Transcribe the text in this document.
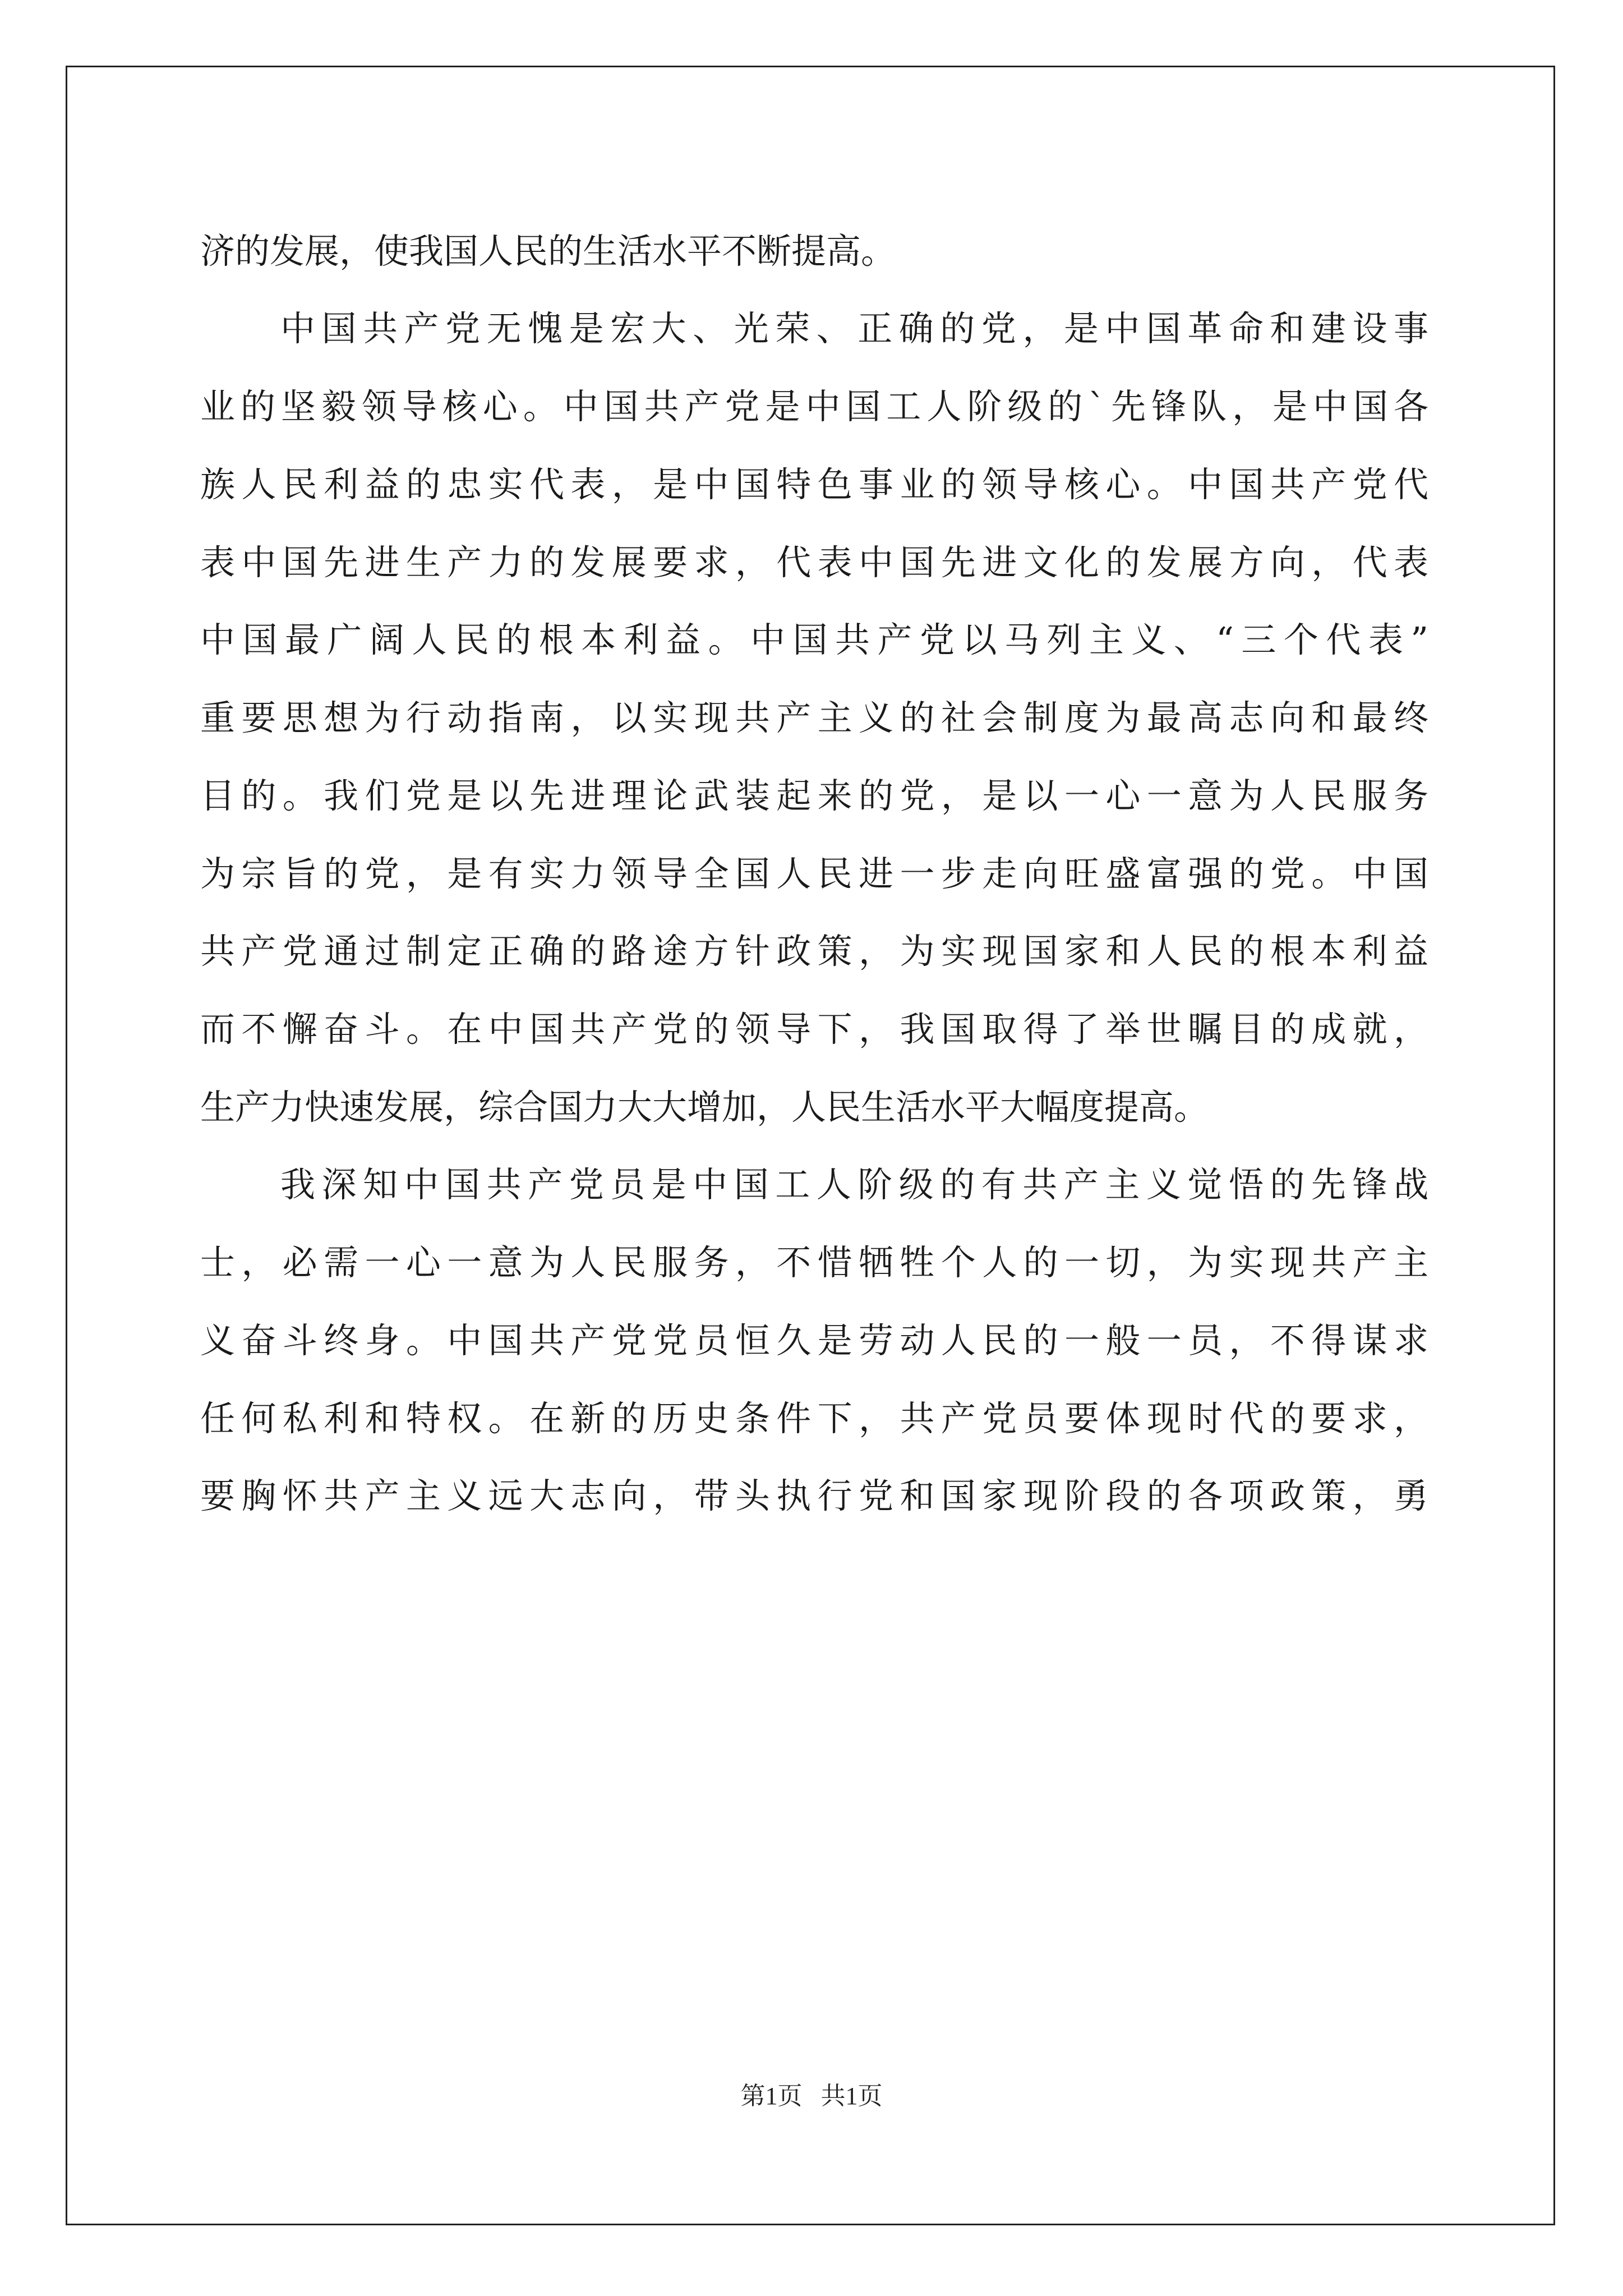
济的发展，使我国人民的生活水平不断提高。
中国共产党无愧是宏大、光荣、正确的党，是中国革命和建设事
业的坚毅领导核心。中国共产党是中国工人阶级的`先锋队，是中国各
族人民利益的忠实代表，是中国特色事业的领导核心。中国共产党代
表中国先进生产力的发展要求，代表中国先进文化的发展方向，代表
中国最广阔人民的根本利益。中国共产党以马列主义、“三个代表”
重要思想为行动指南，以实现共产主义的社会制度为最高志向和最终
目的。我们党是以先进理论武装起来的党，是以一心一意为人民服务
为宗旨的党，是有实力领导全国人民进一步走向旺盛富强的党。中国
共产党通过制定正确的路途方针政策，为实现国家和人民的根本利益
而不懈奋斗。在中国共产党的领导下，我国取得了举世瞩目的成就，
生产力快速发展，综合国力大大增加，人民生活水平大幅度提高。
我深知中国共产党员是中国工人阶级的有共产主义觉悟的先锋战
士，必需一心一意为人民服务，不惜牺牲个人的一切，为实现共产主
义奋斗终身。中国共产党党员恒久是劳动人民的一般一员，不得谋求
任何私利和特权。在新的历史条件下，共产党员要体现时代的要求，
要胸怀共产主义远大志向，带头执行党和国家现阶段的各项政策，勇
第1页   共1页
